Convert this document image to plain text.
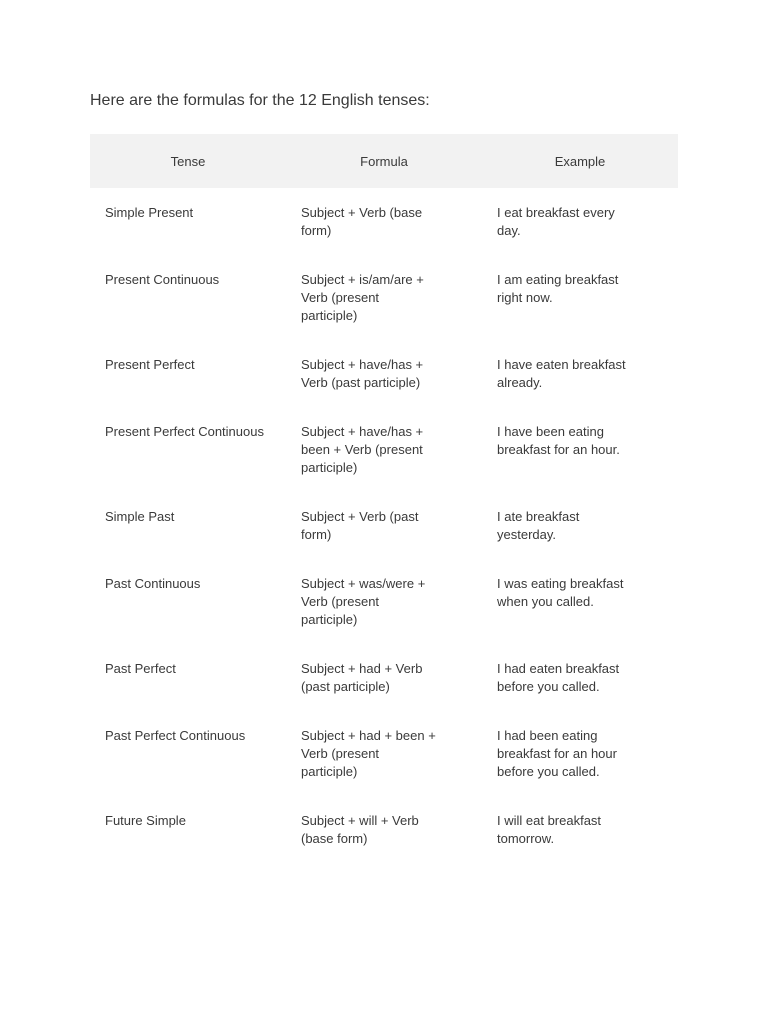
Here are the formulas for the 12 English tenses:

Tense	Formula	Example
Simple Present	Subject + Verb (base form)	I eat breakfast every day.
Present Continuous	Subject + is/am/are + Verb (present participle)	I am eating breakfast right now.
Present Perfect	Subject + have/has + Verb (past participle)	I have eaten breakfast already.
Present Perfect Continuous	Subject + have/has + been + Verb (present participle)	I have been eating breakfast for an hour.
Simple Past	Subject + Verb (past form)	I ate breakfast yesterday.
Past Continuous	Subject + was/were + Verb (present participle)	I was eating breakfast when you called.
Past Perfect	Subject + had + Verb (past participle)	I had eaten breakfast before you called.
Past Perfect Continuous	Subject + had + been + Verb (present participle)	I had been eating breakfast for an hour before you called.
Future Simple	Subject + will + Verb (base form)	I will eat breakfast tomorrow.
